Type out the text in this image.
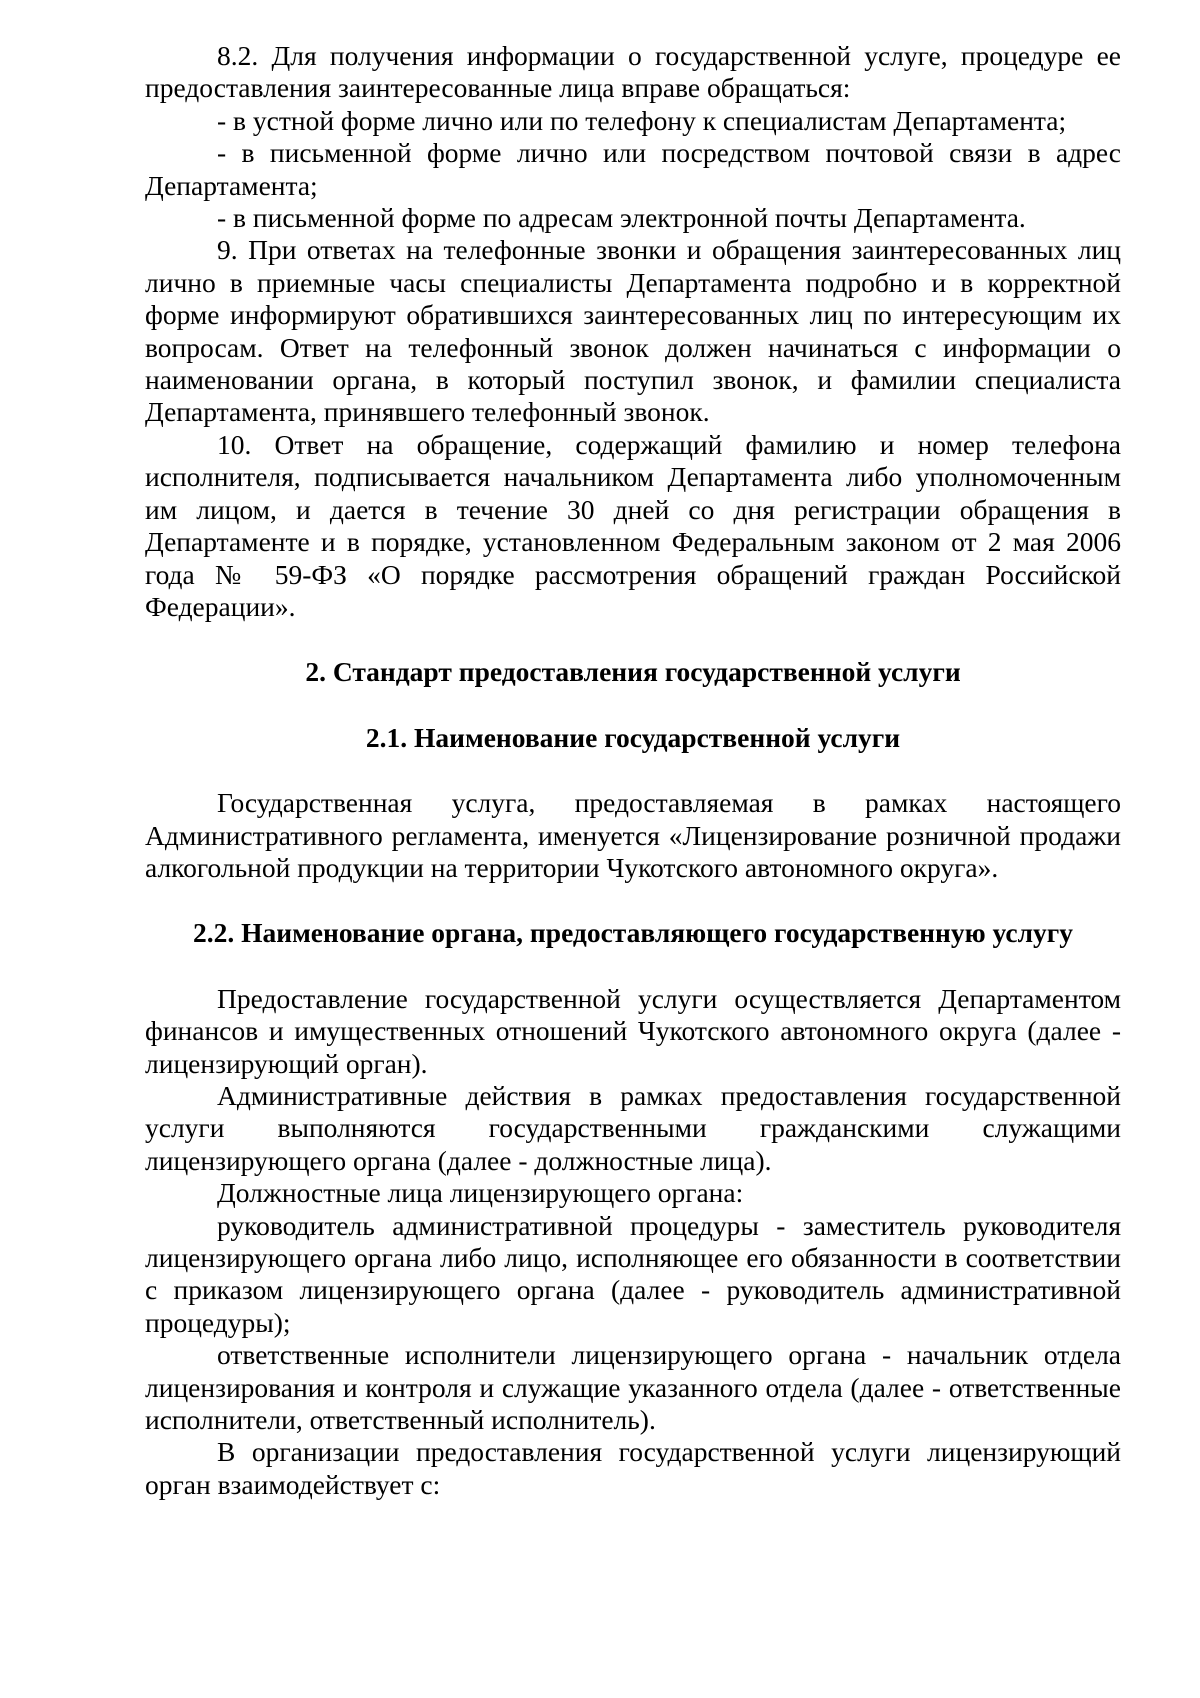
8.2. Для получения информации о государственной услуге, процедуре ее предоставления заинтересованные лица вправе обращаться:

- в устной форме лично или по телефону к специалистам Департамента;

- в письменной форме лично или посредством почтовой связи в адрес Департамента;

- в письменной форме по адресам электронной почты Департамента.

9. При ответах на телефонные звонки и обращения заинтересованных лиц лично в приемные часы специалисты Департамента подробно и в корректной форме информируют обратившихся заинтересованных лиц по интересующим их вопросам. Ответ на телефонный звонок должен начинаться с информации о наименовании органа, в который поступил звонок, и фамилии специалиста Департамента, принявшего телефонный звонок.

10. Ответ на обращение, содержащий фамилию и номер телефона исполнителя, подписывается начальником Департамента либо уполномоченным им лицом, и дается в течение 30 дней со дня регистрации обращения в Департаменте и в порядке, установленном Федеральным законом от 2 мая 2006 года № 59-ФЗ «О порядке рассмотрения обращений граждан Российской Федерации».

2. Стандарт предоставления государственной услуги

2.1. Наименование государственной услуги

Государственная услуга, предоставляемая в рамках настоящего Административного регламента, именуется «Лицензирование розничной продажи алкогольной продукции на территории Чукотского автономного округа».

2.2. Наименование органа, предоставляющего государственную услугу

Предоставление государственной услуги осуществляется Департаментом финансов и имущественных отношений Чукотского автономного округа (далее - лицензирующий орган).

Административные действия в рамках предоставления государственной услуги выполняются государственными гражданскими служащими лицензирующего органа (далее - должностные лица).

Должностные лица лицензирующего органа:

руководитель административной процедуры - заместитель руководителя лицензирующего органа либо лицо, исполняющее его обязанности в соответствии с приказом лицензирующего органа (далее - руководитель административной процедуры);

ответственные исполнители лицензирующего органа - начальник отдела лицензирования и контроля и служащие указанного отдела (далее - ответственные исполнители, ответственный исполнитель).

В организации предоставления государственной услуги лицензирующий орган взаимодействует с:
